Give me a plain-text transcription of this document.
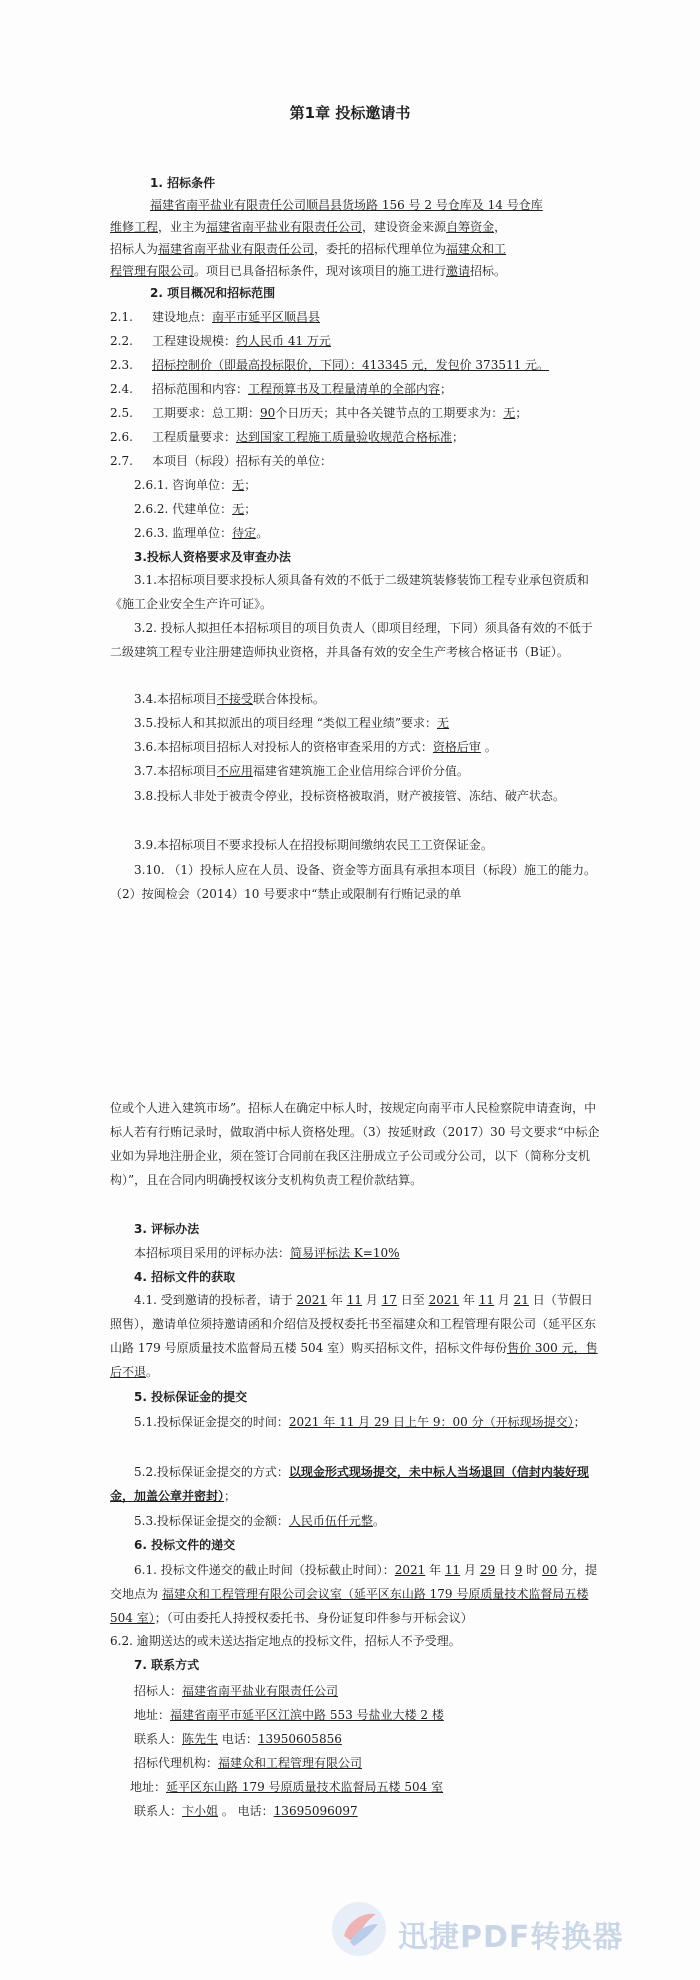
第1章 投标邀请书
1. 招标条件
福建省南平盐业有限责任公司顺昌县货场路 156 号 2 号仓库及 14 号仓库
维修工程，业主为福建省南平盐业有限责任公司，建设资金来源自筹资金，
招标人为福建省南平盐业有限责任公司，委托的招标代理单位为福建众和工
程管理有限公司。项目已具备招标条件，现对该项目的施工进行邀请招标。
2. 项目概况和招标范围
2.1. 建设地点：南平市延平区顺昌县
2.2. 工程建设规模：约人民币 41 万元
2.3. 招标控制价（即最高投标限价，下同）：413345 元，发包价 373511 元。
2.4. 招标范围和内容：工程预算书及工程量清单的全部内容；
2.5. 工期要求：总工期：90个日历天；其中各关键节点的工期要求为：无；
2.6. 工程质量要求：达到国家工程施工质量验收规范合格标准；
2.7. 本项目（标段）招标有关的单位：
2.6.1. 咨询单位：无；
2.6.2. 代建单位：无；
2.6.3. 监理单位：待定。
3.投标人资格要求及审查办法
3.1.本招标项目要求投标人须具备有效的不低于二级建筑装修装饰工程专业承包资质和《施工企业安全生产许可证》。
3.2. 投标人拟担任本招标项目的项目负责人（即项目经理，下同）须具备有效的不低于二级建筑工程专业注册建造师执业资格，并具备有效的安全生产考核合格证书（B证）。
3.4.本招标项目不接受联合体投标。
3.5.投标人和其拟派出的项目经理 “类似工程业绩”要求：无
3.6.本招标项目招标人对投标人的资格审查采用的方式：资格后审 。
3.7.本招标项目不应用福建省建筑施工企业信用综合评价分值。
3.8.投标人非处于被责令停业，投标资格被取消，财产被接管、冻结、破产状态。
3.9.本招标项目不要求投标人在招投标期间缴纳农民工工资保证金。
3.10. （1）投标人应在人员、设备、资金等方面具有承担本项目（标段）施工的能力。（2）按闽检会（2014）10 号要求中“禁止或限制有行贿记录的单
位或个人进入建筑市场”。招标人在确定中标人时，按规定向南平市人民检察院申请查询，中标人若有行贿记录时，做取消中标人资格处理。（3）按延财政（2017）30 号文要求“中标企业如为异地注册企业，须在签订合同前在我区注册成立子公司或分公司，以下（简称分支机构）”，且在合同内明确授权该分支机构负责工程价款结算。
3. 评标办法
本招标项目采用的评标办法：简易评标法 K=10%
4. 招标文件的获取
4.1. 受到邀请的投标者，请于 2021 年 11 月 17 日至 2021 年 11 月 21 日（节假日照售），邀请单位须持邀请函和介绍信及授权委托书至福建众和工程管理有限公司（延平区东山路 179 号原质量技术监督局五楼 504 室）购买招标文件，招标文件每份售价 300 元，售后不退。
5. 投标保证金的提交
5.1.投标保证金提交的时间：2021 年 11 月 29 日上午 9：00 分（开标现场提交）；
5.2.投标保证金提交的方式：以现金形式现场提交，未中标人当场退回（信封内装好现金，加盖公章并密封）；
5.3.投标保证金提交的金额：人民币伍仟元整。
6. 投标文件的递交
6.1. 投标文件递交的截止时间（投标截止时间）：2021 年 11 月 29 日 9 时 00 分，提交地点为 福建众和工程管理有限公司会议室（延平区东山路 179 号原质量技术监督局五楼 504 室）；（可由委托人持授权委托书、身份证复印件参与开标会议）
6.2. 逾期送达的或未送达指定地点的投标文件，招标人不予受理。
7. 联系方式
招标人：福建省南平盐业有限责任公司
地址：福建省南平市延平区江滨中路 553 号盐业大楼 2 楼
联系人：陈先生 电话：13950605856
招标代理机构：福建众和工程管理有限公司
地址：延平区东山路 179 号原质量技术监督局五楼 504 室
联系人：卞小姐 。 电话：13695096097
迅捷PDF转换器
